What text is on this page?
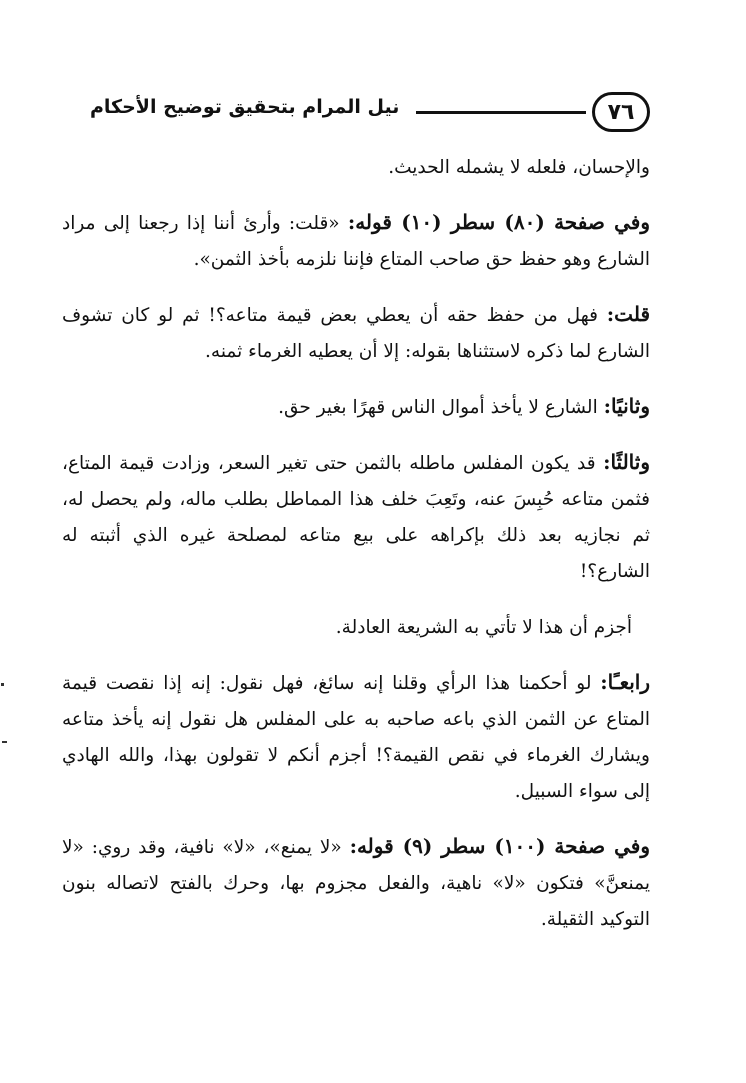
٧٦
نيل المرام بتحقيق توضيح الأحكام

والإحسان، فلعله لا يشمله الحديث.

وفي صفحة (٨٠) سطر (١٠) قوله: «قلت: وأرئ أننا إذا رجعنا إلى مراد الشارع وهو حفظ حق صاحب المتاع فإننا نلزمه بأخذ الثمن».

قلت: فهل من حفظ حقه أن يعطي بعض قيمة متاعه؟! ثم لو كان تشوف الشارع لما ذكره لاستثناها بقوله: إلا أن يعطيه الغرماء ثمنه.

وثانيًا: الشارع لا يأخذ أموال الناس قهرًا بغير حق.

وثالثًا: قد يكون المفلس ماطله بالثمن حتى تغير السعر، وزادت قيمة المتاع، فثمن متاعه حُبِسَ عنه، وتَعِبَ خلف هذا المماطل بطلب ماله، ولم يحصل له، ثم نجازيه بعد ذلك بإكراهه على بيع متاعه لمصلحة غيره الذي أثبته له الشارع؟!

أجزم أن هذا لا تأتي به الشريعة العادلة.

رابعـًا: لو أحكمنا هذا الرأي وقلنا إنه سائغ، فهل نقول: إنه إذا نقصت قيمة المتاع عن الثمن الذي باعه صاحبه به على المفلس هل نقول إنه يأخذ متاعه ويشارك الغرماء في نقص القيمة؟! أجزم أنكم لا تقولون بهذا، والله الهادي إلى سواء السبيل.

وفي صفحة (١٠٠) سطر (٩) قوله: «لا يمنع»، «لا» نافية، وقد روي: «لا يمنعنَّ» فتكون «لا» ناهية، والفعل مجزوم بها، وحرك بالفتح لاتصاله بنون التوكيد الثقيلة.
